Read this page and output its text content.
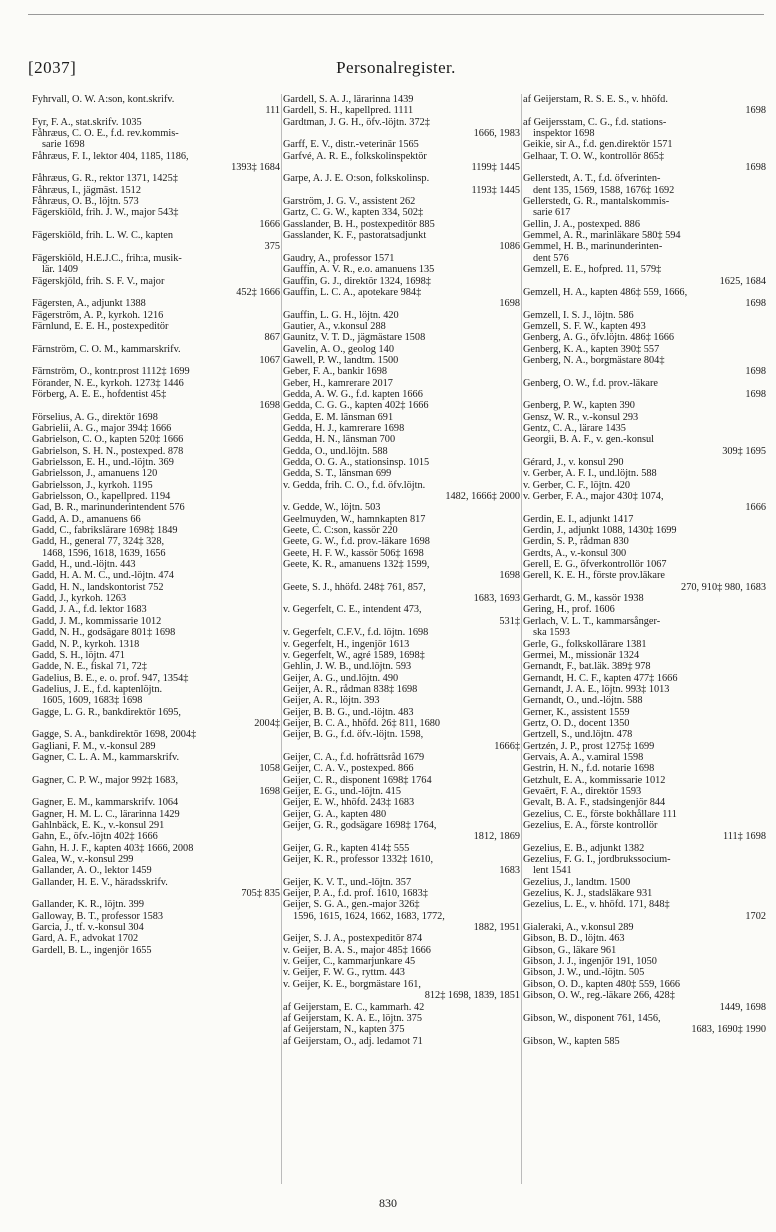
[2037]	Personalregister.
Fyhrvall, O. W. A:son, kont.skrifv.
111
Fyr, F. A., stat.skrifv. 1035
Fåhræus, C. O. E., f.d. rev.kommis-
sarie 1698
Fåhræus, F. I., lektor 404, 1185, 1186,
1393‡ 1684
Fåhræus, G. R., rektor 1371, 1425‡
Fåhræus, I., jägmäst. 1512
Fåhræus, O. B., löjtn. 573
Fägerskiöld, frih. J. W., major 543‡
1666
Fägerskiöld, frih. L. W. C., kapten
375
Fägerskiöld, H.E.J.C., frih:a, musik-
lär. 1409
Fägerskjöld, frih. S. F. V., major
452‡ 1666
Fägersten, A., adjunkt 1388
Fägerström, A. P., kyrkoh. 1216
Färnlund, E. E. H., postexpeditör
867
Färnström, C. O. M., kammarskrifv.
1067
Färnström, O., kontr.prost 1112‡ 1699
Förander, N. E., kyrkoh. 1273‡ 1446
Förberg, A. E. E., hofdentist 45‡
1698
Förselius, A. G., direktör 1698
Gabrielii, A. G., major 394‡ 1666
Gabrielson, C. O., kapten 520‡ 1666
Gabrielson, S. H. N., postexped. 878
Gabrielsson, E. H., und.-löjtn. 369
Gabrielsson, J., amanuens 120
Gabrielsson, J., kyrkoh. 1195
Gabrielsson, O., kapellpred. 1194
Gad, B. R., marinunderintendent 576
Gadd, A. D., amanuens 66
Gadd, C., fabrikslärare 1698‡ 1849
Gadd, H., general 77, 324‡ 328,
1468, 1596, 1618, 1639, 1656
Gadd, H., und.-löjtn. 443
Gadd, H. A. M. C., und.-löjtn. 474
Gadd, H. N., landskontorist 752
Gadd, J., kyrkoh. 1263
Gadd, J. A., f.d. lektor 1683
Gadd, J. M., kommissarie 1012
Gadd, N. H., godsägare 801‡ 1698
Gadd, N. P., kyrkoh. 1318
Gadd, S. H., löjtn. 471
Gadde, N. E., fiskal 71, 72‡
Gadelius, B. E., e. o. prof. 947, 1354‡
Gadelius, J. E., f.d. kaptenlöjtn.
1605, 1609, 1683‡ 1698
Gagge, L. G. R., bankdirektör 1695,
2004‡
Gagge, S. A., bankdirektör 1698, 2004‡
Gagliani, F. M., v.-konsul 289
Gagner, C. L. A. M., kammarskrifv.
1058
Gagner, C. P. W., major 992‡ 1683,
1698
Gagner, E. M., kammarskrifv. 1064
Gagner, H. M. L. C., lärarinna 1429
Gahlnbäck, E. K., v.-konsul 291
Gahn, E., öfv.-löjtn 402‡ 1666
Gahn, H. J. F., kapten 403‡ 1666, 2008
Galea, W., v.-konsul 299
Gallander, A. O., lektor 1459
Gallander, H. E. V., häradsskrifv.
705‡ 835
Gallander, K. R., löjtn. 399
Galloway, B. T., professor 1583
Garcia, J., tf. v.-konsul 304
Gard, A. F., advokat 1702
Gardell, B. L., ingenjör 1655
Gardell, S. A. J., lärarinna 1439
Gardell, S. H., kapellpred. 1111
Gardtman, J. G. H., öfv.-löjtn. 372‡
1666, 1983
Garff, E. V., distr.-veterinär 1565
Garfvé, A. R. E., folkskolinspektör
1199‡ 1445
Garpe, A. J. E. O:son, folkskolinsp.
1193‡ 1445
Garström, J. G. V., assistent 262
Gartz, C. G. W., kapten 334, 502‡
Gasslander, B. H., postexpeditör 885
Gasslander, K. F., pastoratsadjunkt
1086
Gaudry, A., professor 1571
Gauffin, A. V. R., e.o. amanuens 135
Gauffin, G. J., direktör 1324, 1698‡
Gauffin, L. C. A., apotekare 984‡
1698
Gauffin, L. G. H., löjtn. 420
Gautier, A., v.konsul 288
Gaunitz, V. T. D., jägmästare 1508
Gavelin, A. O., geolog 140
Gawell, P. W., landtm. 1500
Geber, F. A., bankir 1698
Geber, H., kamrerare 2017
Gedda, A. W. G., f.d. kapten 1666
Gedda, C. G. G., kapten 402‡ 1666
Gedda, E. M. länsman 691
Gedda, H. J., kamrerare 1698
Gedda, H. N., länsman 700
Gedda, O., und.löjtn. 588
Gedda, O. G. A., stationsinsp. 1015
Gedda, S. T., länsman 699
v. Gedda, frih. C. O., f.d. öfv.löjtn.
1482, 1666‡ 2000
v. Gedde, W., löjtn. 503
Geelmuyden, W., hamnkapten 817
Geete, C. C:son, kassör 220
Geete, G. W., f.d. prov.-läkare 1698
Geete, H. F. W., kassör 506‡ 1698
Geete, K. R., amanuens 132‡ 1599,
1698
Geete, S. J., hhöfd. 248‡ 761, 857,
1683, 1693
v. Gegerfelt, C. E., intendent 473,
531‡
v. Gegerfelt, C.F.V., f.d. löjtn. 1698
v. Gegerfelt, H., ingenjör 1613
v. Gegerfelt, W., agré 1589, 1698‡
Gehlin, J. W. B., und.löjtn. 593
Geijer, A. G., und.löjtn. 490
Geijer, A. R., rådman 838‡ 1698
Geijer, A. R., löjtn. 393
Geijer, B. B. G., und.-löjtn. 483
Geijer, B. C. A., hhöfd. 26‡ 811, 1680
Geijer, B. G., f.d. öfv.-löjtn. 1598,
1666‡
Geijer, C. A., f.d. hofrättsråd 1679
Geijer, C. A. V., postexped. 866
Geijer, C. R., disponent 1698‡ 1764
Geijer, E. G., und.-löjtn. 415
Geijer, E. W., hhöfd. 243‡ 1683
Geijer, G. A., kapten 480
Geijer, G. R., godsägare 1698‡ 1764,
1812, 1869
Geijer, G. R., kapten 414‡ 555
Geijer, K. R., professor 1332‡ 1610,
1683
Geijer, K. V. T., und.-löjtn. 357
Geijer, P. A., f.d. prof. 1610, 1683‡
Geijer, S. G. A., gen.-major 326‡
1596, 1615, 1624, 1662, 1683, 1772,
1882, 1951
Geijer, S. J. A., postexpeditör 874
v. Geijer, B. A. S., major 485‡ 1666
v. Geijer, C., kammarjunkare 45
v. Geijer, F. W. G., ryttm. 443
v. Geijer, K. E., borgmästare 161,
812‡ 1698, 1839, 1851
af Geijerstam, E. C., kammarh. 42
af Geijerstam, K. A. E., löjtn. 375
af Geijerstam, N., kapten 375
af Geijerstam, O., adj. ledamot 71
af Geijerstam, R. S. E. S., v. hhöfd.
1698
af Geijersstam, C. G., f.d. stations-
inspektor 1698
Geikie, sir A., f.d. gen.direktör 1571
Gelhaar, T. O. W., kontrollör 865‡
1698
Gellerstedt, A. T., f.d. öfverinten-
dent 135, 1569, 1588, 1676‡ 1692
Gellerstedt, G. R., mantalskommis-
sarie 617
Gellin, J. A., postexped. 886
Gemmel, A. R., marinläkare 580‡ 594
Gemmel, H. B., marinunderinten-
dent 576
Gemzell, E. E., hofpred. 11, 579‡
1625, 1684
Gemzell, H. A., kapten 486‡ 559, 1666,
1698
Gemzell, I. S. J., löjtn. 586
Gemzell, S. F. W., kapten 493
Genberg, A. G., öfv.löjtn. 486‡ 1666
Genberg, K. A., kapten 390‡ 557
Genberg, N. A., borgmästare 804‡
1698
Genberg, O. W., f.d. prov.-läkare
1698
Genberg, P. W., kapten 390
Gensz, W. R., v.-konsul 293
Gentz, C. A., lärare 1435
Georgii, B. A. F., v. gen.-konsul
309‡ 1695
Gérard, J., v. konsul 290
v. Gerber, A. F. I., und.löjtn. 588
v. Gerber, C. F., löjtn. 420
v. Gerber, F. A., major 430‡ 1074,
1666
Gerdin, E. I., adjunkt 1417
Gerdin, J., adjunkt 1088, 1430‡ 1699
Gerdin, S. P., rådman 830
Gerdts, A., v.-konsul 300
Gerell, E. G., öfverkontrollör 1067
Gerell, K. E. H., förste prov.läkare
270, 910‡ 980, 1683
Gerhardt, G. M., kassör 1938
Gering, H., prof. 1606
Gerlach, V. L. T., kammarsånger-
ska 1593
Gerle, G., folkskollärare 1381
Germei, M., missionär 1324
Gernandt, F., bat.läk. 389‡ 978
Gernandt, H. C. F., kapten 477‡ 1666
Gernandt, J. A. E., löjtn. 993‡ 1013
Gernandt, O., und.-löjtn. 588
Gerner, K., assistent 1559
Gertz, O. D., docent 1350
Gertzell, S., und.löjtn. 478
Gertzén, J. P., prost 1275‡ 1699
Gervais, A. A., v.amiral 1598
Gestrin, H. N., f.d. notarie 1698
Getzhult, E. A., kommissarie 1012
Gevaërt, F. A., direktör 1593
Gevalt, B. A. F., stadsingenjör 844
Gezelius, C. E., förste bokhållare 111
Gezelius, E. A., förste kontrollör
111‡ 1698
Gezelius, E. B., adjunkt 1382
Gezelius, F. G. I., jordbrukssocium-
lent 1541
Gezelius, J., landtm. 1500
Gezelius, K. J., stadsläkare 931
Gezelius, L. E., v. hhöfd. 171, 848‡
1702
Gialeraki, A., v.konsul 289
Gibson, B. D., löjtn. 463
Gibson, G., läkare 961
Gibson, J. J., ingenjör 191, 1050
Gibson, J. W., und.-löjtn. 505
Gibson, O. D., kapten 480‡ 559, 1666
Gibson, O. W., reg.-läkare 266, 428‡
1449, 1698
Gibson, W., disponent 761, 1456,
1683, 1690‡ 1990
Gibson, W., kapten 585
830
